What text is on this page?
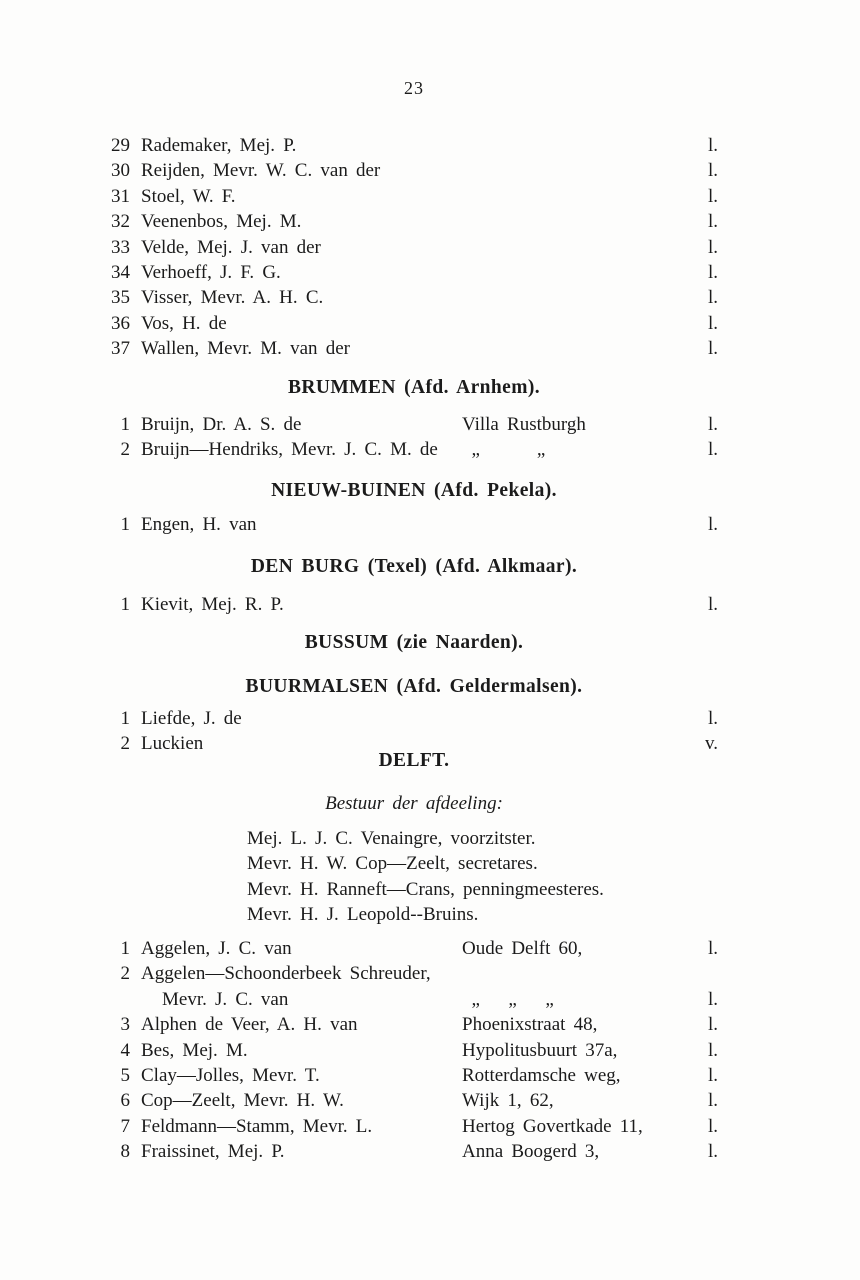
23
29 Rademaker, Mej. P.	l.
30 Reijden, Mevr. W. C. van der	l.
31 Stoel, W. F.	l.
32 Veenenbos, Mej. M.	l.
33 Velde, Mej. J. van der	l.
34 Verhoeff, J. F. G.	l.
35 Visser, Mevr. A. H. C.	l.
36 Vos, H. de	l.
37 Wallen, Mevr. M. van der	l.
BRUMMEN (Afd. Arnhem).
1 Bruijn, Dr. A. S. de	Villa Rustburgh	l.
2 Bruijn—Hendriks, Mevr. J. C. M. de  „   „	l.
NIEUW-BUINEN (Afd. Pekela).
1 Engen, H. van	l.
DEN BURG (Texel) (Afd. Alkmaar).
1 Kievit, Mej. R. P.	l.
BUSSUM (zie Naarden).
BUURMALSEN (Afd. Geldermalsen).
1 Liefde, J. de	l.
2 Luckien	v.
DELFT.
Bestuur der afdeeling:
Mej. L. J. C. Venaingre, voorzitster.
Mevr. H. W. Cop—Zeelt, secretares.
Mevr. H. Ranneft—Crans, penningmeesteres.
Mevr. H. J. Leopold--Bruins.
1 Aggelen, J. C. van	Oude Delft 60,	l.
2 Aggelen—Schoonderbeek Schreuder,
Mevr. J. C. van	 „  „  „	l.
3 Alphen de Veer, A. H. van	Phoenixstraat 48,	l.
4 Bes, Mej. M.	Hypolitusbuurt 37a,	l.
5 Clay—Jolles, Mevr. T.	Rotterdamsche weg,	l.
6 Cop—Zeelt, Mevr. H. W.	Wijk 1, 62,	l.
7 Feldmann—Stamm, Mevr. L.	Hertog Govertkade 11,	l.
8 Fraissinet, Mej. P.	Anna Boogerd 3,	l.
